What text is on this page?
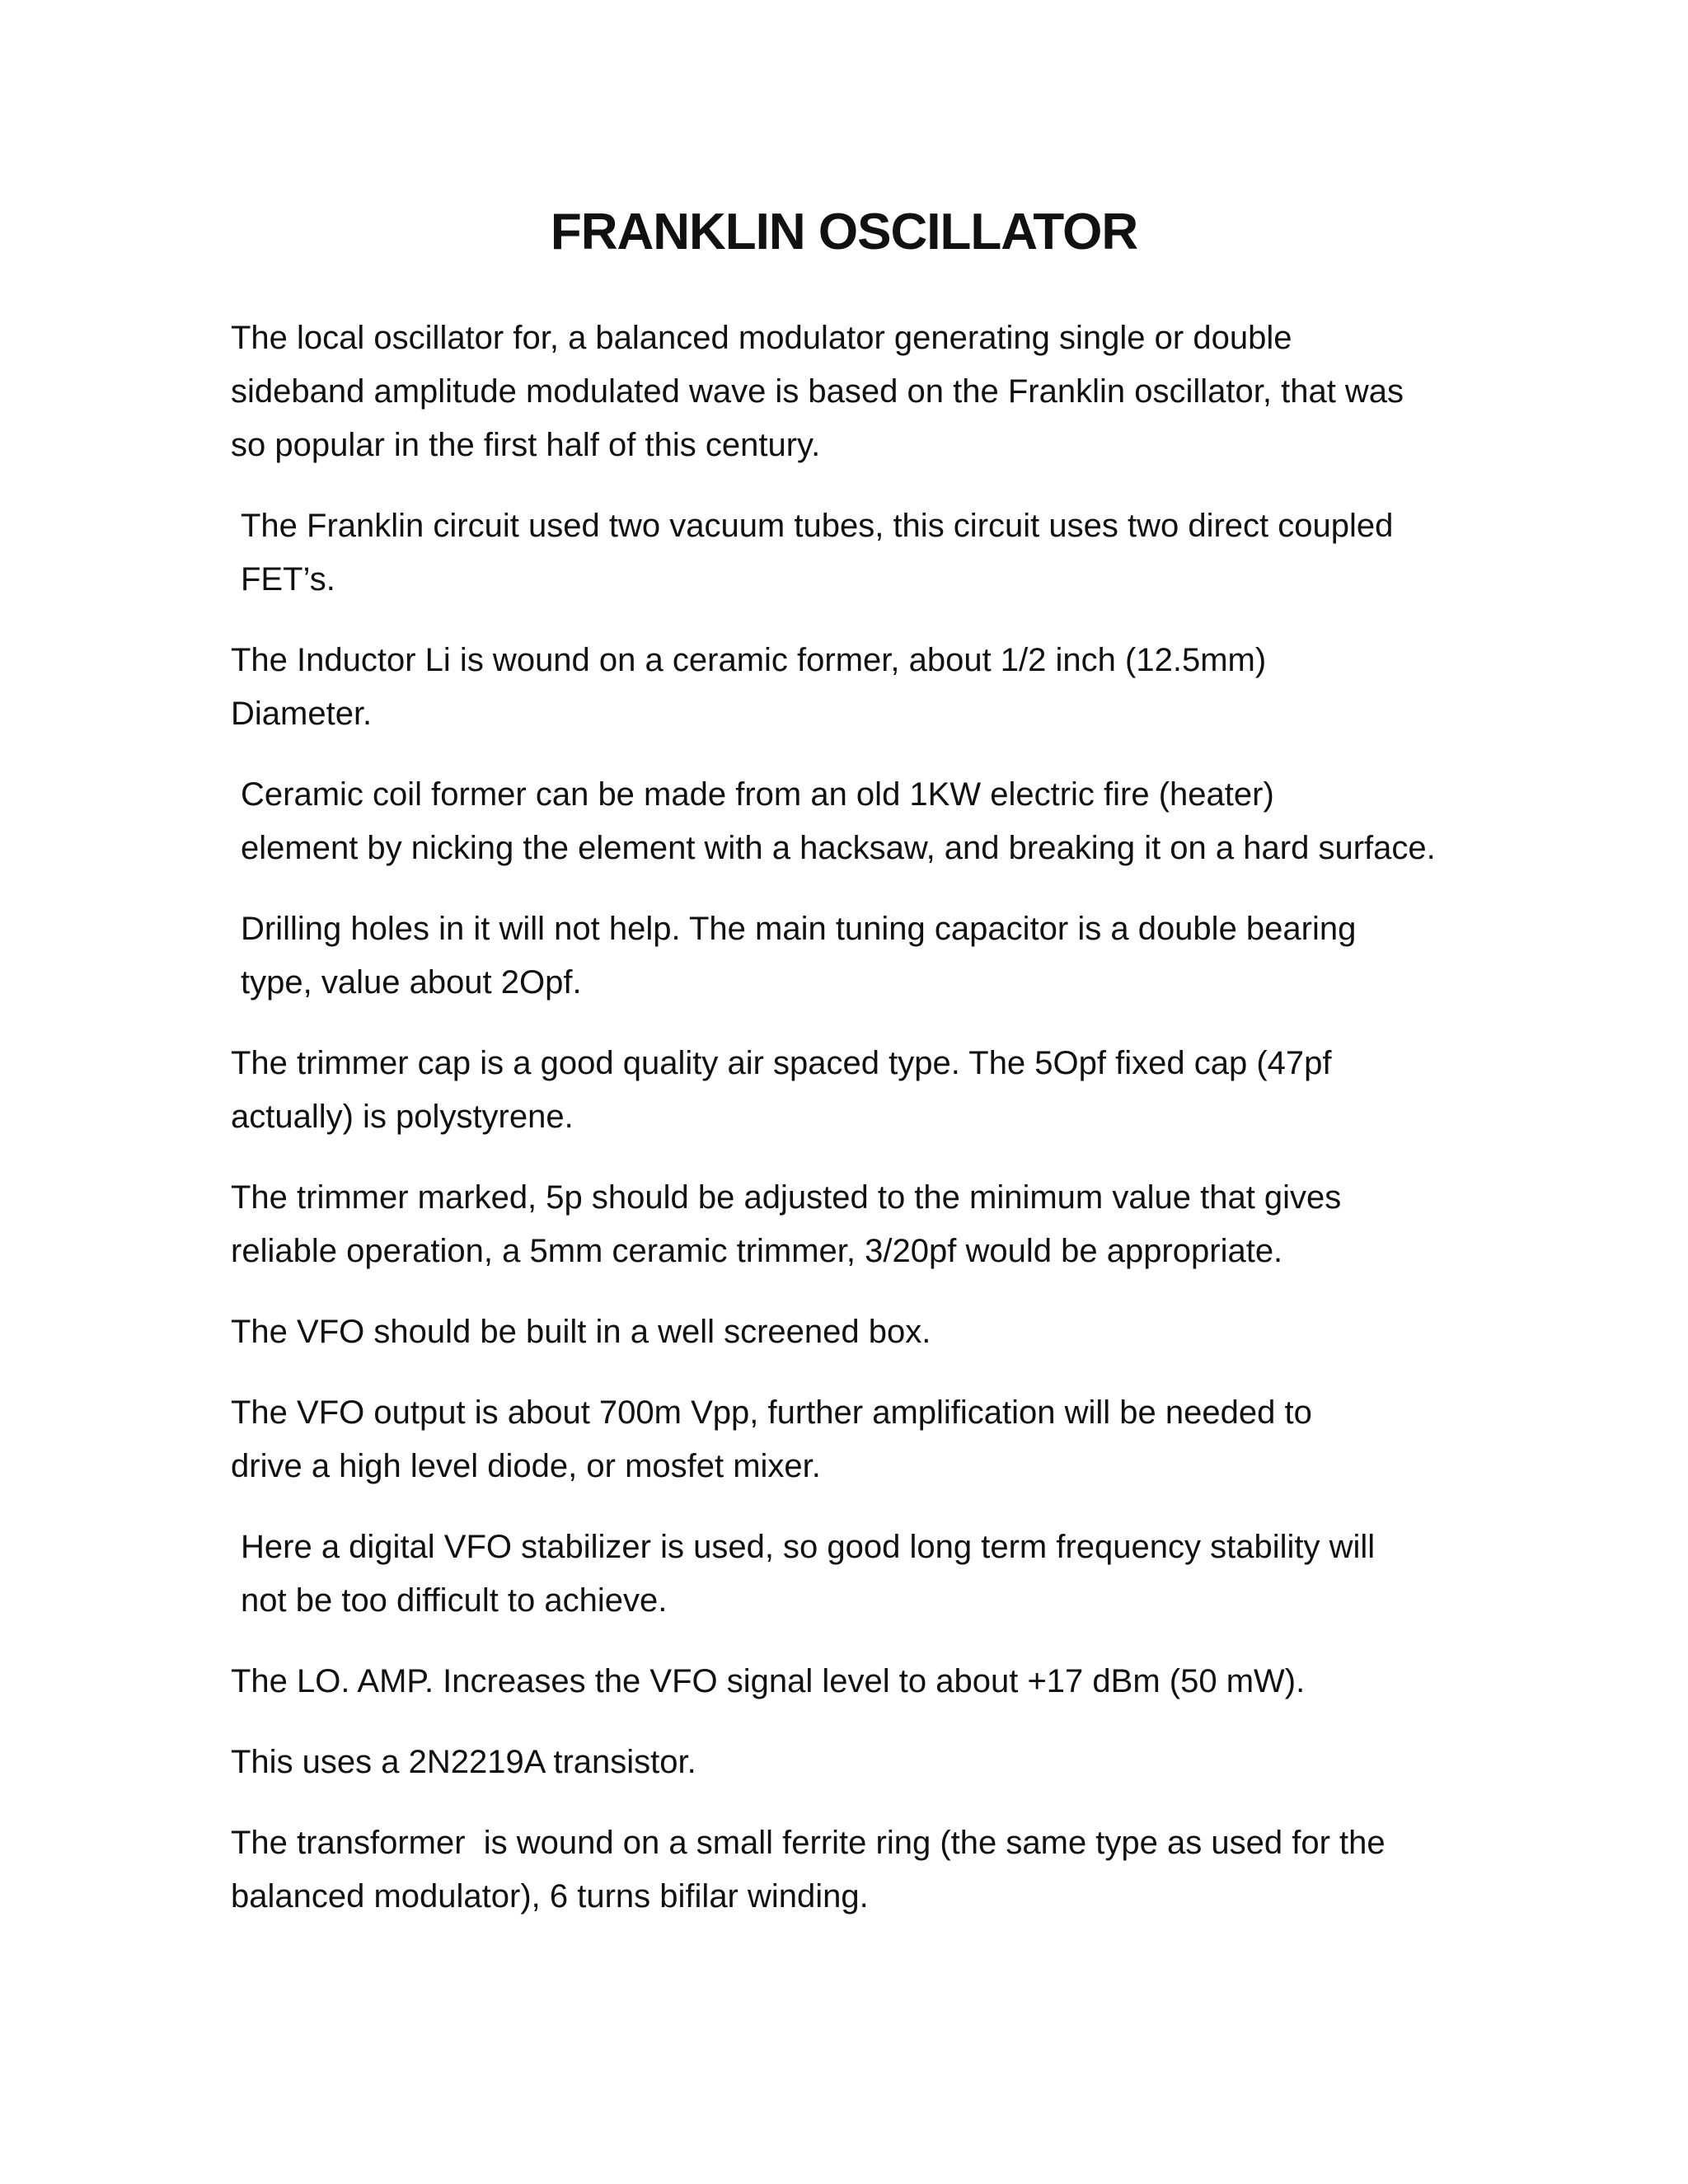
FRANKLIN OSCILLATOR

The local oscillator for, a balanced modulator generating single or double
sideband amplitude modulated wave is based on the Franklin oscillator, that was
so popular in the first half of this century.

The Franklin circuit used two vacuum tubes, this circuit uses two direct coupled
FET’s.

The Inductor Li is wound on a ceramic former, about 1/2 inch (12.5mm)
Diameter.

Ceramic coil former can be made from an old 1KW electric fire (heater)
element by nicking the element with a hacksaw, and breaking it on a hard surface.

Drilling holes in it will not help. The main tuning capacitor is a double bearing
type, value about 2Opf.

The trimmer cap is a good quality air spaced type. The 5Opf fixed cap (47pf
actually) is polystyrene.

The trimmer marked, 5p should be adjusted to the minimum value that gives
reliable operation, a 5mm ceramic trimmer, 3/20pf would be appropriate.

The VFO should be built in a well screened box.

The VFO output is about 700m Vpp, further amplification will be needed to
drive a high level diode, or mosfet mixer.

Here a digital VFO stabilizer is used, so good long term frequency stability will
not be too difficult to achieve.

The LO. AMP. Increases the VFO signal level to about +17 dBm (50 mW).

This uses a 2N2219A transistor.

The transformer  is wound on a small ferrite ring (the same type as used for the
balanced modulator), 6 turns bifilar winding.
